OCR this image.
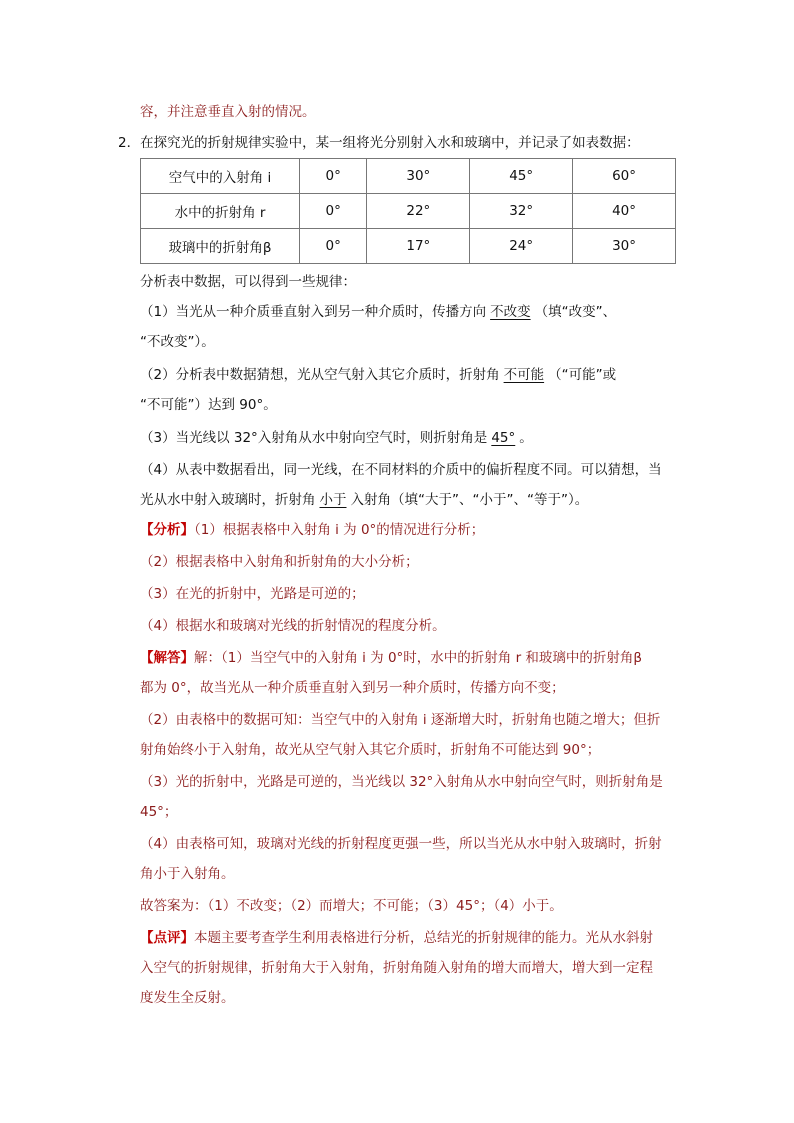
容，并注意垂直入射的情况。
2．在探究光的折射规律实验中，某一组将光分别射入水和玻璃中，并记录了如表数据：
空气中的入射角 i	0°	30°	45°	60°
水中的折射角 r	0°	22°	32°	40°
玻璃中的折射角β	0°	17°	24°	30°
分析表中数据，可以得到一些规律：
（1）当光从一种介质垂直射入到另一种介质时，传播方向 不改变 （填“改变”、
“不改变”）。
（2）分析表中数据猜想，光从空气射入其它介质时，折射角 不可能 （“可能”或
“不可能”）达到 90°。
（3）当光线以 32°入射角从水中射向空气时，则折射角是 45° 。
（4）从表中数据看出，同一光线，在不同材料的介质中的偏折程度不同。可以猜想，当
光从水中射入玻璃时，折射角 小于 入射角（填“大于”、“小于”、“等于”）。
【分析】（1）根据表格中入射角 i 为 0°的情况进行分析；
（2）根据表格中入射角和折射角的大小分析；
（3）在光的折射中，光路是可逆的；
（4）根据水和玻璃对光线的折射情况的程度分析。
【解答】解：（1）当空气中的入射角 i 为 0°时，水中的折射角 r 和玻璃中的折射角β
都为 0°，故当光从一种介质垂直射入到另一种介质时，传播方向不变；
（2）由表格中的数据可知：当空气中的入射角 i 逐渐增大时，折射角也随之增大；但折
射角始终小于入射角，故光从空气射入其它介质时，折射角不可能达到 90°；
（3）光的折射中，光路是可逆的，当光线以 32°入射角从水中射向空气时，则折射角是
45°；
（4）由表格可知，玻璃对光线的折射程度更强一些，所以当光从水中射入玻璃时，折射
角小于入射角。
故答案为：（1）不改变；（2）而增大；不可能；（3）45°；（4）小于。
【点评】本题主要考查学生利用表格进行分析，总结光的折射规律的能力。光从水斜射
入空气的折射规律，折射角大于入射角，折射角随入射角的增大而增大，增大到一定程
度发生全反射。
